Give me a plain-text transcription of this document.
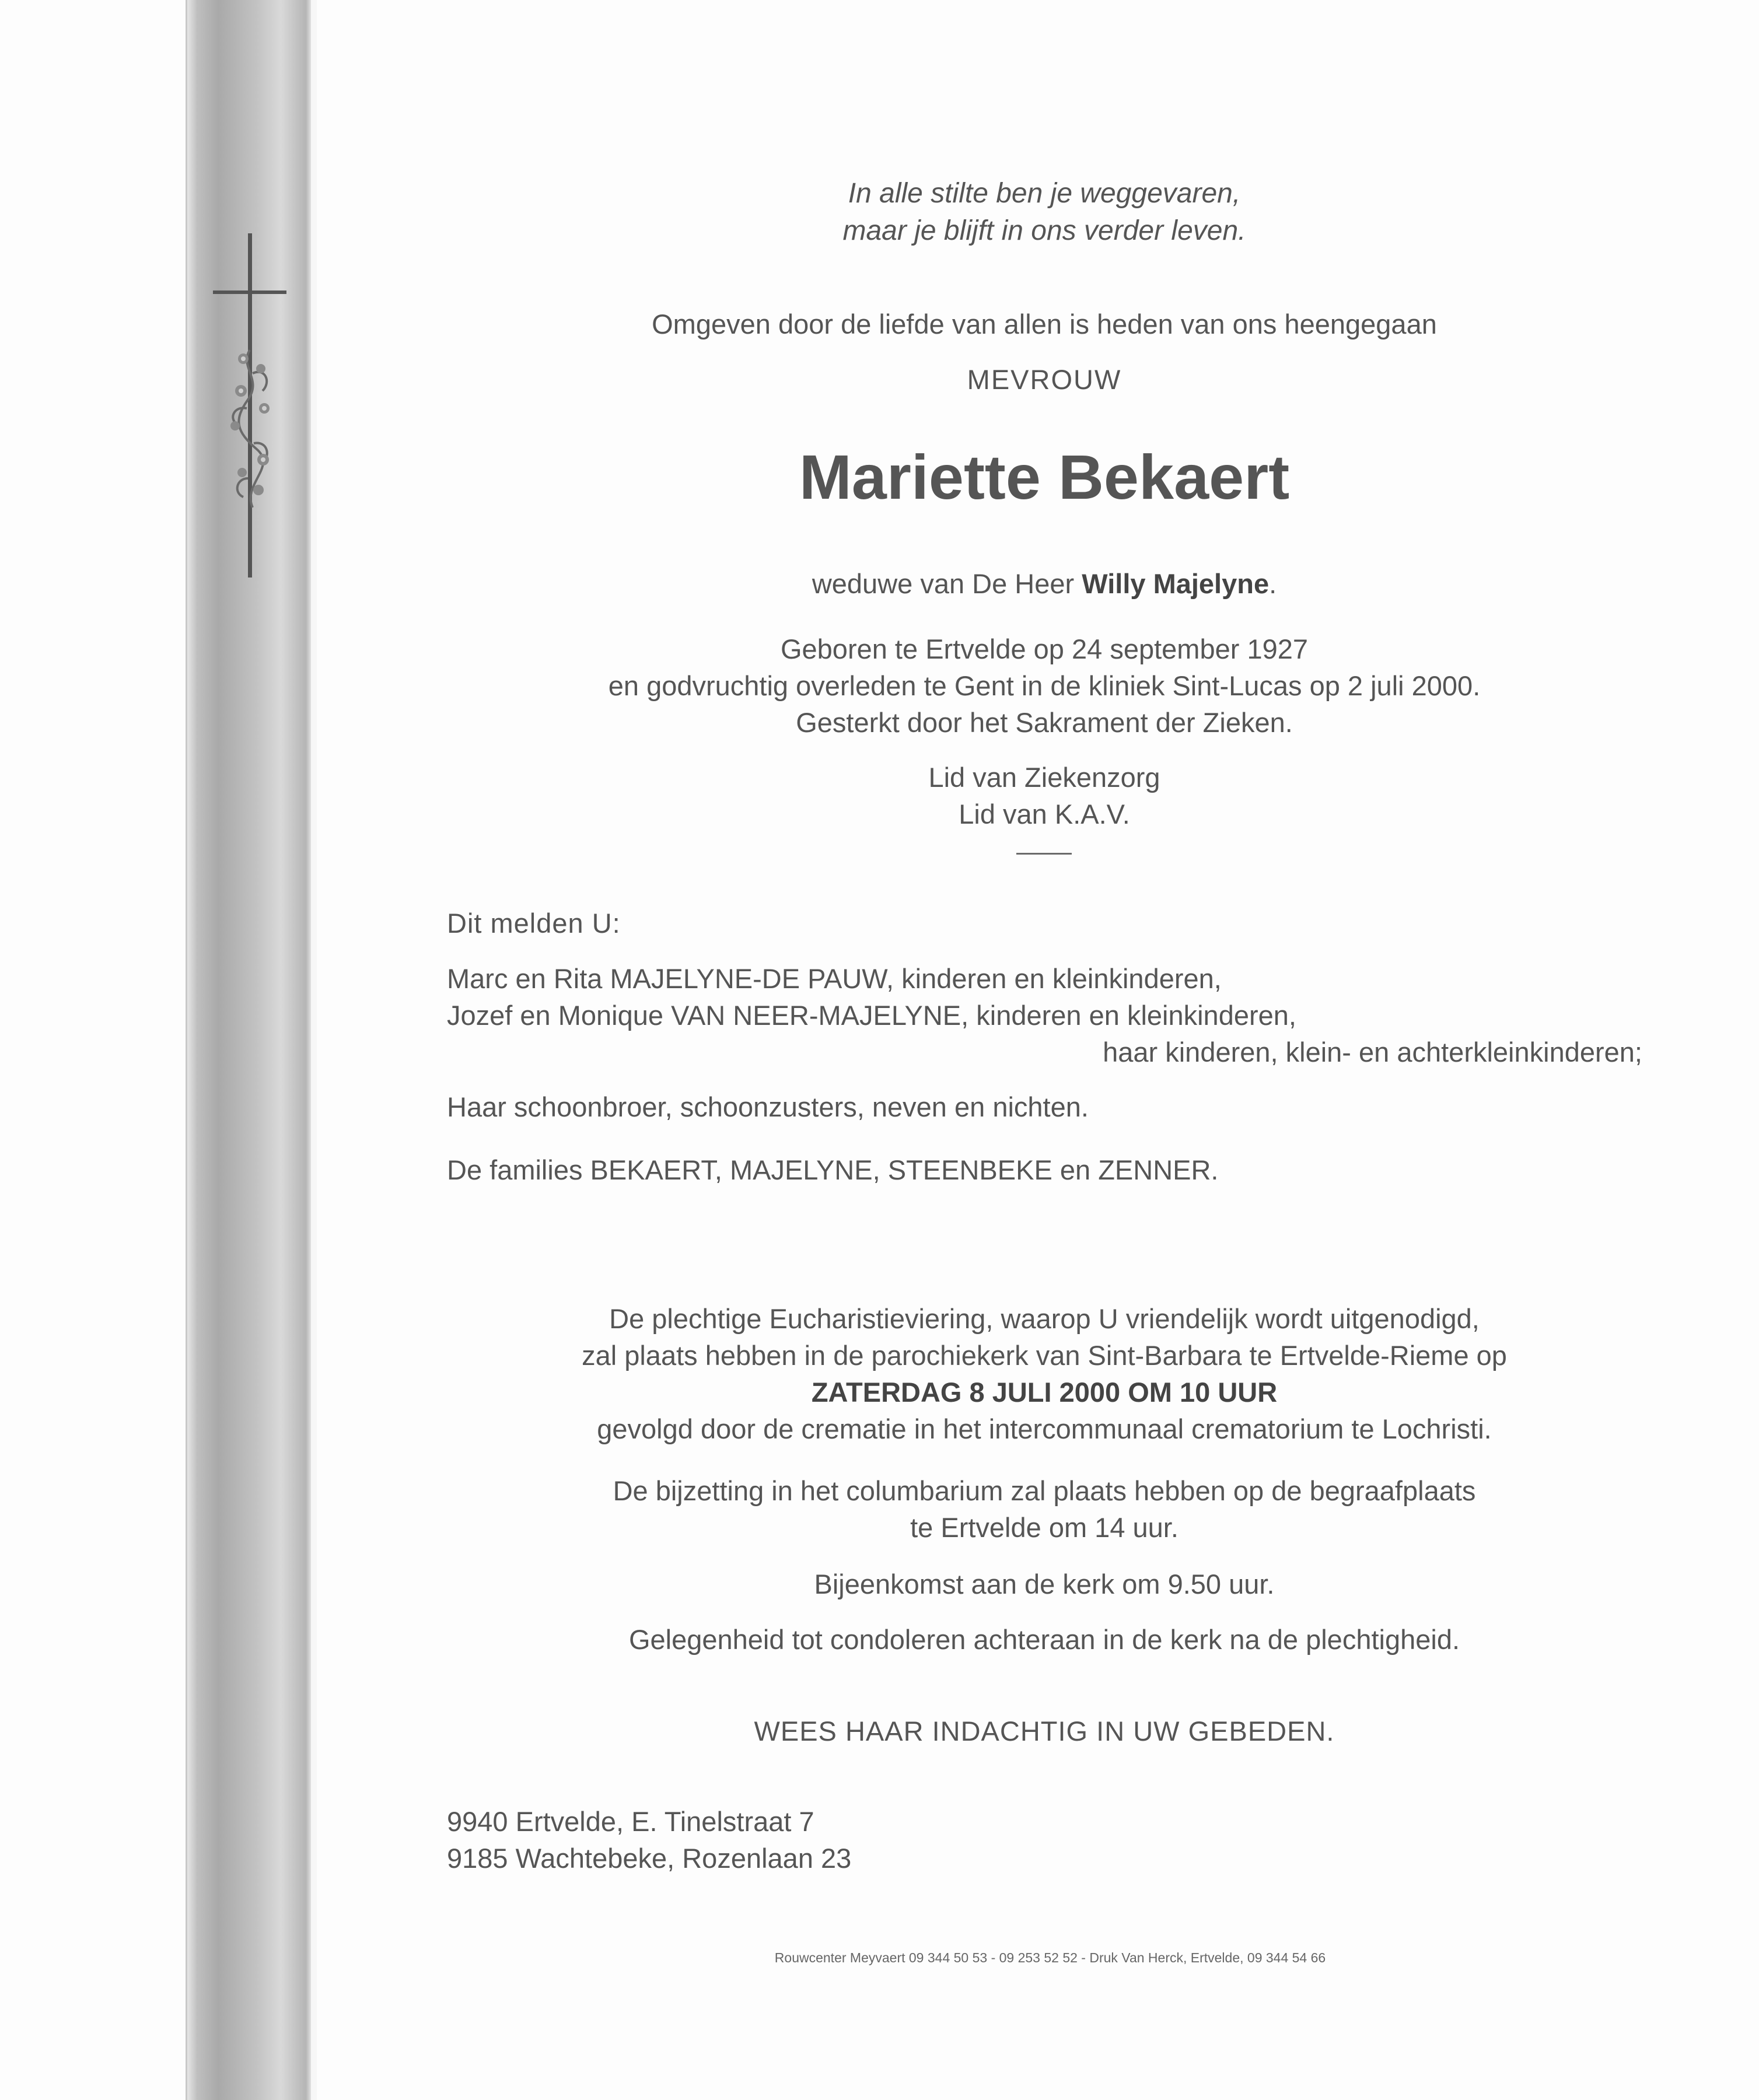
In alle stilte ben je weggevaren,
maar je blijft in ons verder leven.
Omgeven door de liefde van allen is heden van ons heengegaan
MEVROUW
Mariette Bekaert
weduwe van De Heer Willy Majelyne.
Geboren te Ertvelde op 24 september 1927
en godvruchtig overleden te Gent in de kliniek Sint-Lucas op 2 juli 2000.
Gesterkt door het Sakrament der Zieken.
Lid van Ziekenzorg
Lid van K.A.V.
Dit melden U:
Marc en Rita MAJELYNE-DE PAUW, kinderen en kleinkinderen,
Jozef en Monique VAN NEER-MAJELYNE, kinderen en kleinkinderen,
haar kinderen, klein- en achterkleinkinderen;
Haar schoonbroer, schoonzusters, neven en nichten.
De families BEKAERT, MAJELYNE, STEENBEKE en ZENNER.
De plechtige Eucharistieviering, waarop U vriendelijk wordt uitgenodigd,
zal plaats hebben in de parochiekerk van Sint-Barbara te Ertvelde-Rieme op
ZATERDAG 8 JULI 2000 OM 10 UUR
gevolgd door de crematie in het intercommunaal crematorium te Lochristi.
De bijzetting in het columbarium zal plaats hebben op de begraafplaats
te Ertvelde om 14 uur.
Bijeenkomst aan de kerk om 9.50 uur.
Gelegenheid tot condoleren achteraan in de kerk na de plechtigheid.
WEES HAAR INDACHTIG IN UW GEBEDEN.
9940 Ertvelde, E. Tinelstraat 7
9185 Wachtebeke, Rozenlaan 23
Rouwcenter Meyvaert 09 344 50 53 - 09 253 52 52 - Druk Van Herck, Ertvelde, 09 344 54 66
